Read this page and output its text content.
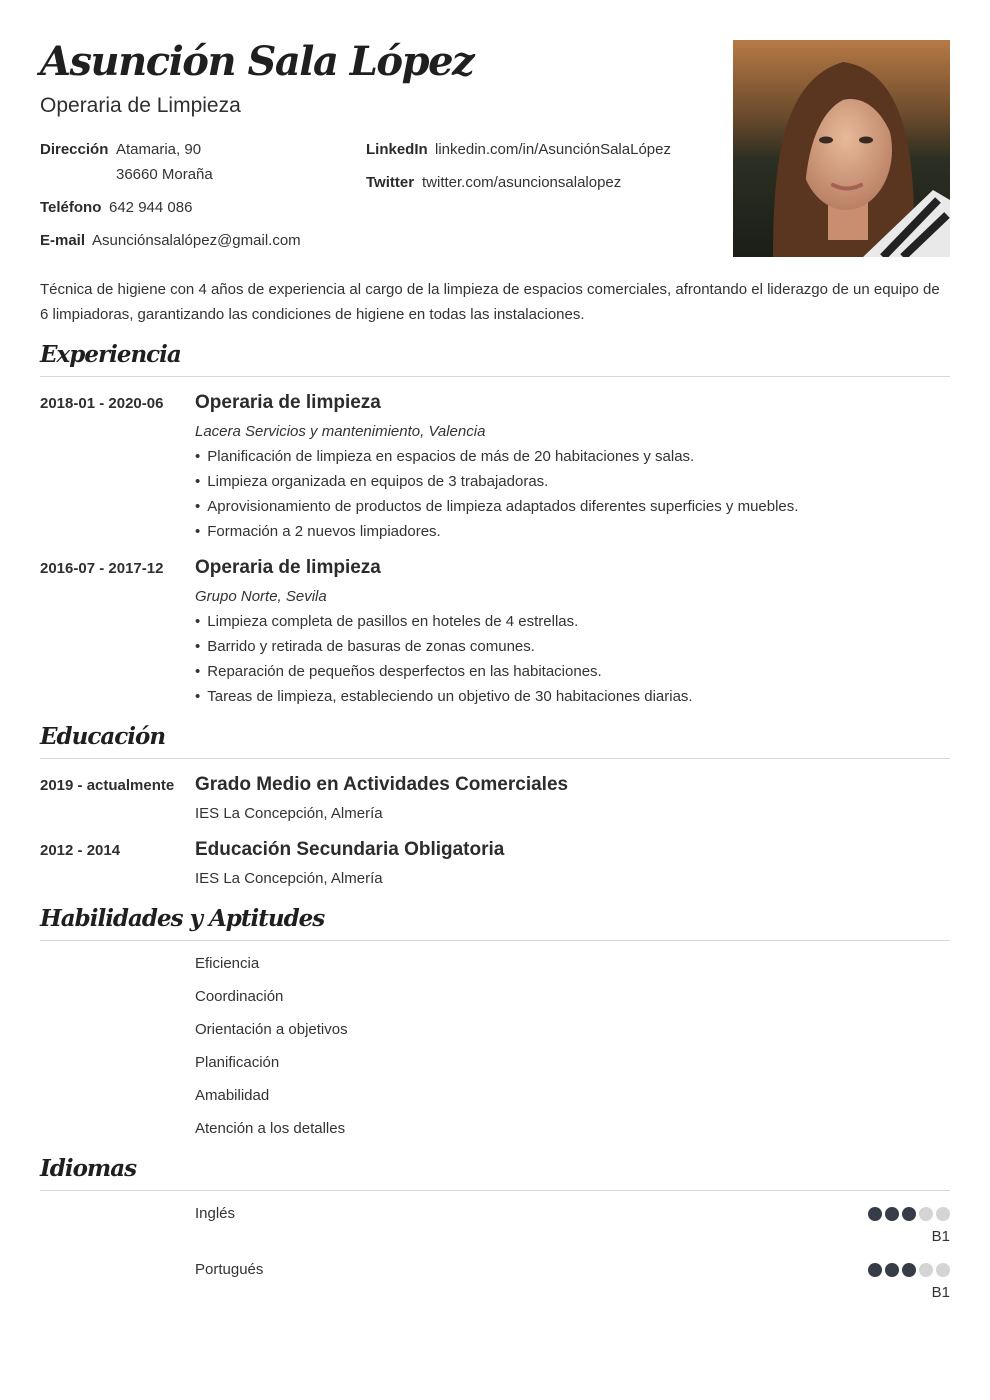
Asunción Sala López
Operaria de Limpieza
Dirección Atamaria, 90
36660 Moraña
Teléfono 642 944 086
E-mail Asunciónsalalópez@gmail.com
LinkedIn linkedin.com/in/AsunciónSalaLópez
Twitter twitter.com/asuncionsalalopez
Técnica de higiene con 4 años de experiencia al cargo de la limpieza de espacios comerciales, afrontando el liderazgo de un equipo de 6 limpiadoras, garantizando las condiciones de higiene en todas las instalaciones.
Experiencia
2018-01 - 2020-06 Operaria de limpieza
Lacera Servicios y mantenimiento, Valencia
• Planificación de limpieza en espacios de más de 20 habitaciones y salas.
• Limpieza organizada en equipos de 3 trabajadoras.
• Aprovisionamiento de productos de limpieza adaptados diferentes superficies y muebles.
• Formación a 2 nuevos limpiadores.
2016-07 - 2017-12 Operaria de limpieza
Grupo Norte, Sevila
• Limpieza completa de pasillos en hoteles de 4 estrellas.
• Barrido y retirada de basuras de zonas comunes.
• Reparación de pequeños desperfectos en las habitaciones.
• Tareas de limpieza, estableciendo un objetivo de 30 habitaciones diarias.
Educación
2019 - actualmente Grado Medio en Actividades Comerciales
IES La Concepción, Almería
2012 - 2014	Educación Secundaria Obligatoria
IES La Concepción, Almería
Habilidades y Aptitudes
Eficiencia
Coordinación
Orientación a objetivos
Planificación
Amabilidad
Atención a los detalles
Idiomas
Inglés
B1
Portugués
B1
